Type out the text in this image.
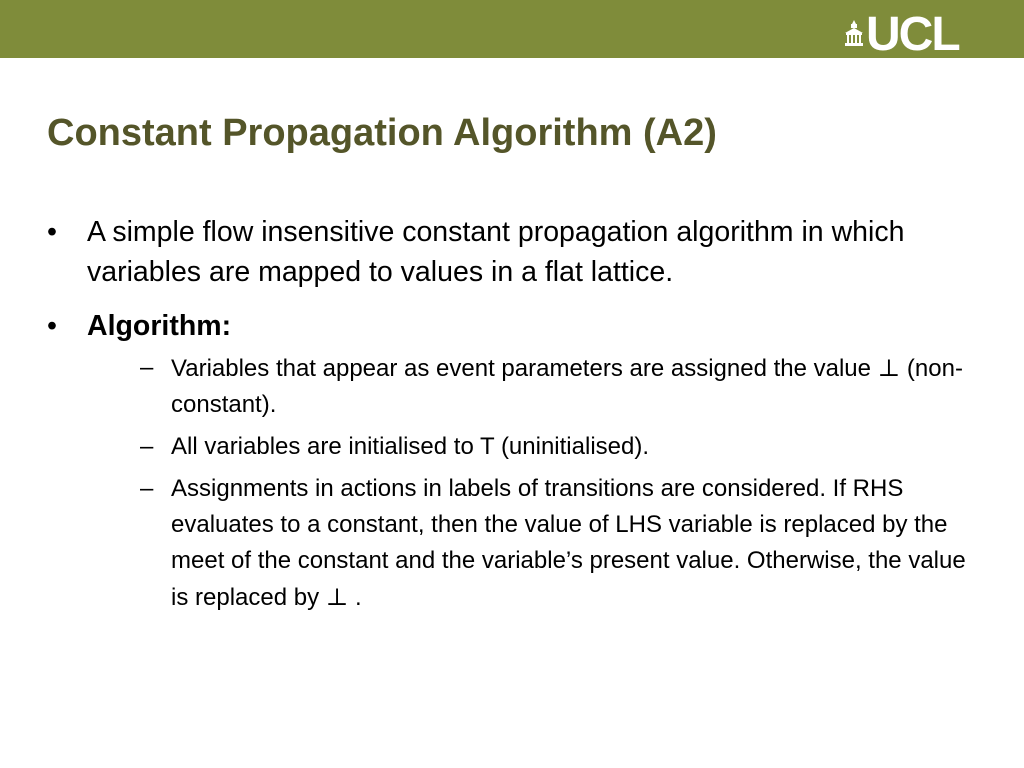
UCL
Constant Propagation Algorithm (A2)
• A simple flow insensitive constant propagation algorithm in which variables are mapped to values in a flat lattice.
• Algorithm:
– Variables that appear as event parameters are assigned the value ⊥ (non-constant).
– All variables are initialised to T (uninitialised).
– Assignments in actions in labels of transitions are considered. If RHS evaluates to a constant, then the value of LHS variable is replaced by the meet of the constant and the variable’s present value. Otherwise, the value is replaced by ⊥ .
